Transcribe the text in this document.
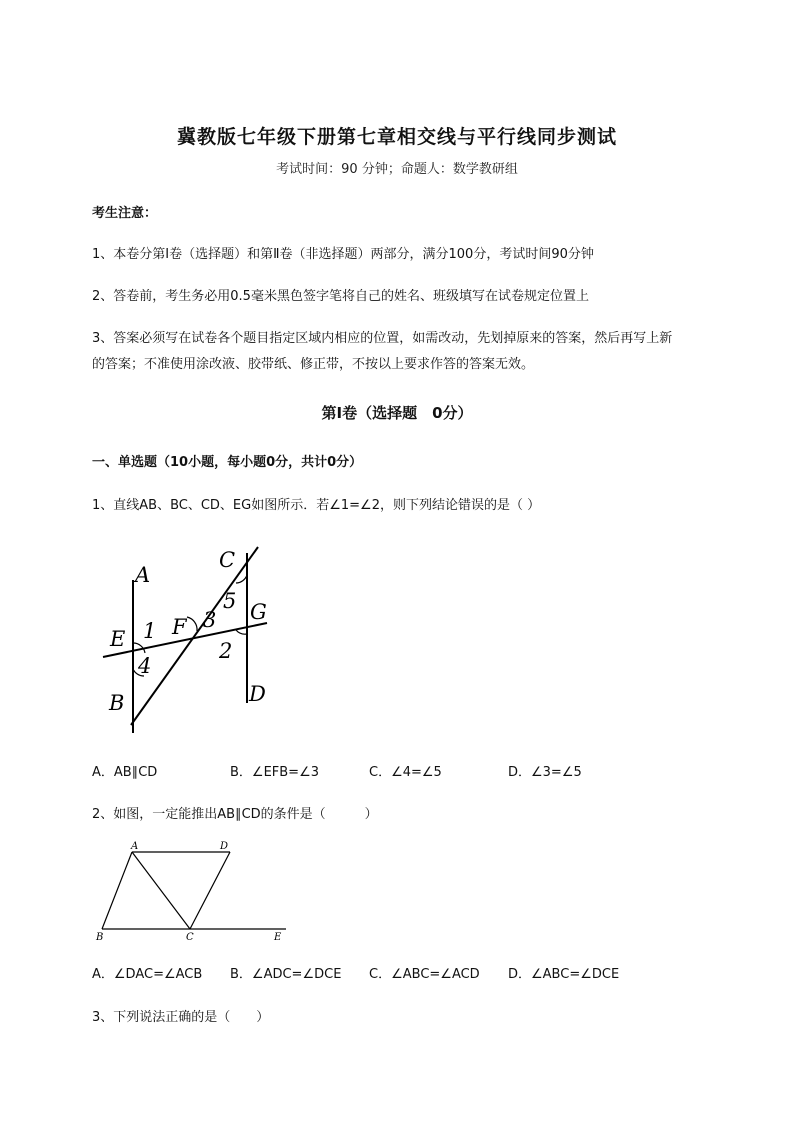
冀教版七年级下册第七章相交线与平行线同步测试
考试时间：90 分钟；命题人：数学教研组
考生注意：
1、本卷分第Ⅰ卷（选择题）和第Ⅱ卷（非选择题）两部分，满分100分，考试时间90分钟
2、答卷前，考生务必用0.5毫米黑色签字笔将自己的姓名、班级填写在试卷规定位置上
3、答案必须写在试卷各个题目指定区域内相应的位置，如需改动，先划掉原来的答案，然后再写上新
的答案；不准使用涂改液、胶带纸、修正带，不按以上要求作答的答案无效。
第Ⅰ卷（选择题　0分）
一、单选题（10小题，每小题0分，共计0分）
1、直线AB、BC、CD、EG如图所示．若∠1=∠2，则下列结论错误的是（ ）
A
B
C
D
E F
G
1
2
3
4
5
A．AB∥CD	B．∠EFB=∠3	C．∠4=∠5	D．∠3=∠5
2、如图，一定能推出AB∥CD的条件是（　　　）
A	D
B	C	E
A．∠DAC=∠ACB B．∠ADC=∠DCE C．∠ABC=∠ACD D．∠ABC=∠DCE
3、下列说法正确的是（　　）
